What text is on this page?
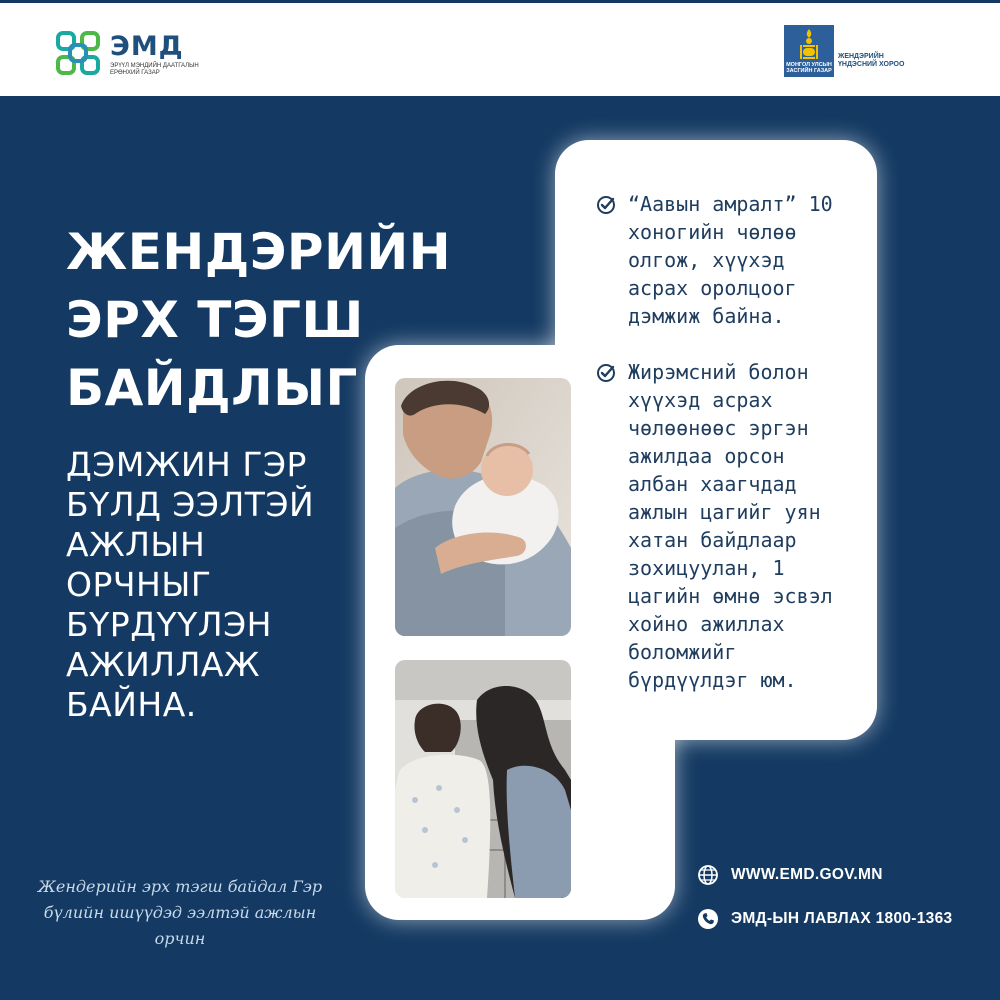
ЭМД
ЭРҮҮЛ МЭНДИЙН ДААТГАЛЫН ЕРӨНХИЙ ГАЗАР
МОНГОЛ УЛСЫН ЗАСГИЙН ГАЗАР
ЖЕНДЭРИЙН ҮНДЭСНИЙ ХОРОО
ЖЕНДЭРИЙН ЭРХ ТЭГШ БАЙДЛЫГ

ДЭМЖИН ГЭР БҮЛД ЭЭЛТЭЙ АЖЛЫН ОРЧНЫГ БҮРДҮҮЛЭН АЖИЛЛАЖ БАЙНА.

Жендерийн эрх тэгш байдал Гэр бүлийн ишүүдэд ээлтэй ажлын орчин
“Аавын амралт” 10 хоногийн чөлөө олгож, хүүхэд асрах оролцоог дэмжиж байна.
Жирэмсний болон хүүхэд асрах чөлөөнөөс эргэн ажилдаа орсон албан хаагчдад ажлын цагийг уян хатан байдлаар зохицуулан, 1 цагийн өмнө эсвэл хойно ажиллах боломжийг бүрдүүлдэг юм.
WWW.EMD.GOV.MN
ЭМД-ЫН ЛАВЛАХ 1800-1363
